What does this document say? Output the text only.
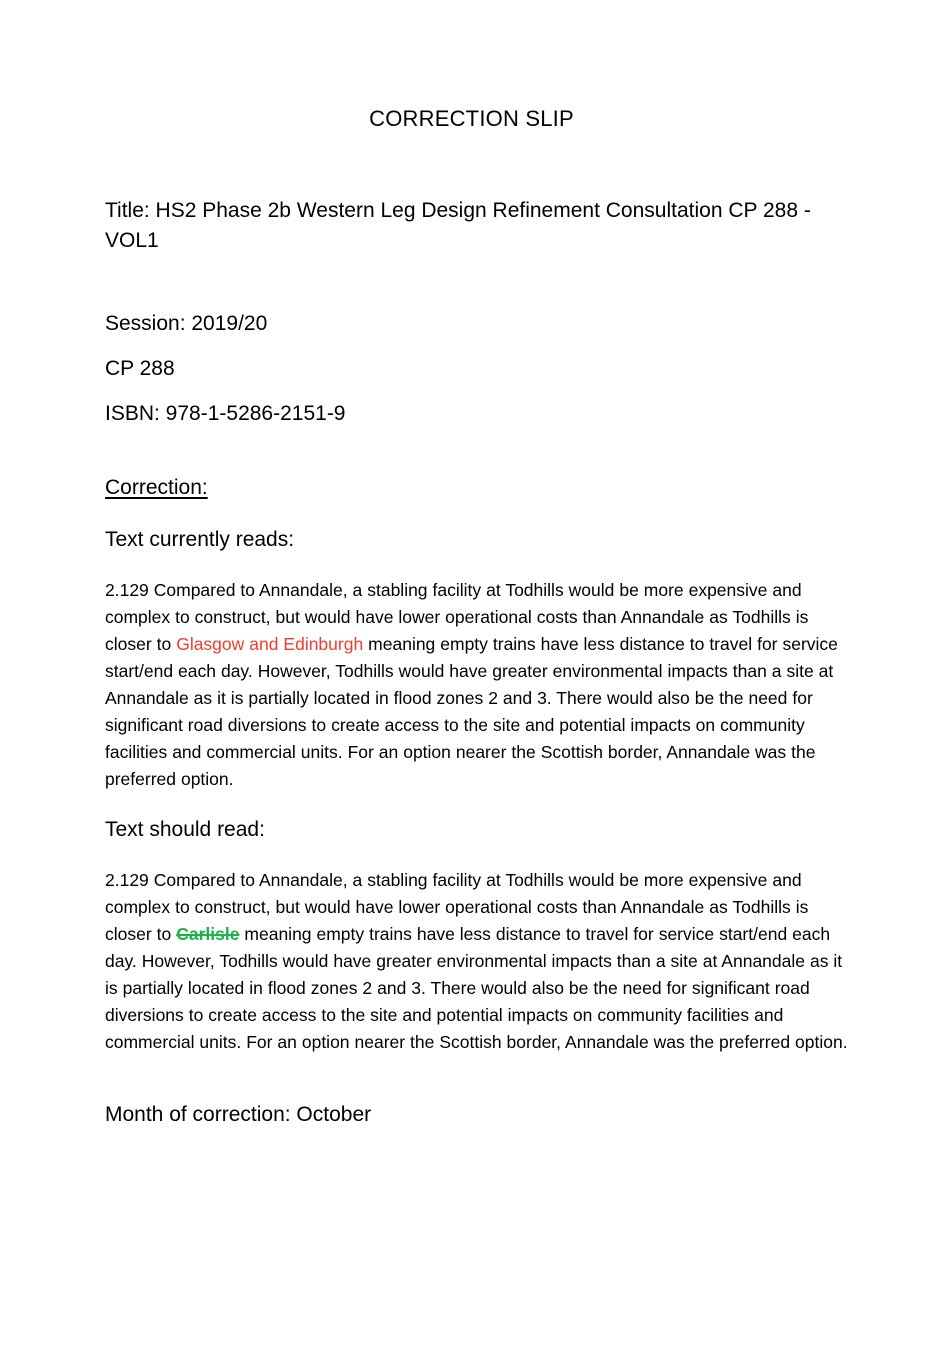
CORRECTION SLIP

Title: HS2 Phase 2b Western Leg Design Refinement Consultation CP 288 - VOL1

Session: 2019/20

CP 288

ISBN: 978-1-5286-2151-9

Correction:

Text currently reads:

2.129 Compared to Annandale, a stabling facility at Todhills would be more expensive and complex to construct, but would have lower operational costs than Annandale as Todhills is closer to Glasgow and Edinburgh meaning empty trains have less distance to travel for service start/end each day. However, Todhills would have greater environmental impacts than a site at Annandale as it is partially located in flood zones 2 and 3. There would also be the need for significant road diversions to create access to the site and potential impacts on community facilities and commercial units. For an option nearer the Scottish border, Annandale was the preferred option.

Text should read:

2.129 Compared to Annandale, a stabling facility at Todhills would be more expensive and complex to construct, but would have lower operational costs than Annandale as Todhills is closer to Carlisle meaning empty trains have less distance to travel for service start/end each day. However, Todhills would have greater environmental impacts than a site at Annandale as it is partially located in flood zones 2 and 3. There would also be the need for significant road diversions to create access to the site and potential impacts on community facilities and commercial units. For an option nearer the Scottish border, Annandale was the preferred option.

Month of correction: October
